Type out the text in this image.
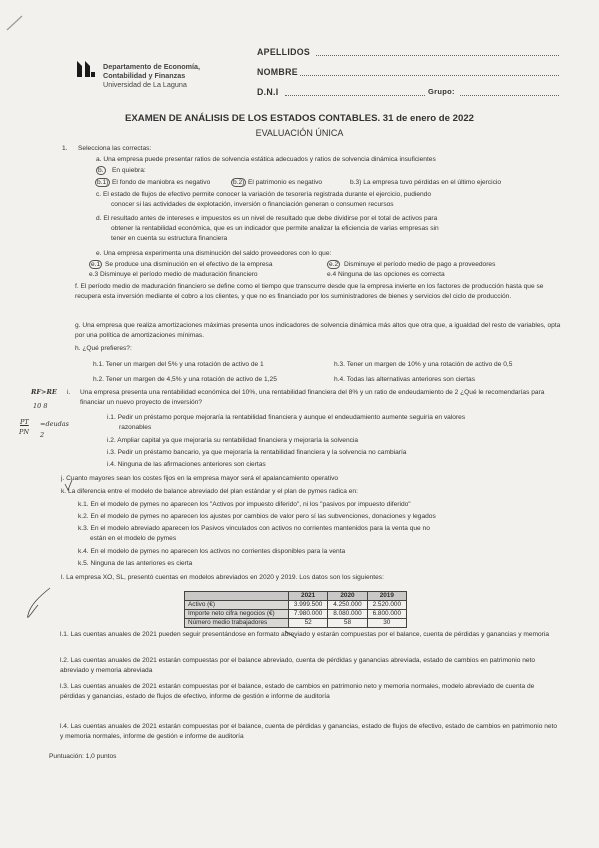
Departamento de Economía,
Contabilidad y Finanzas
Universidad de La Laguna
APELLIDOS
NOMBRE
D.N.I	Grupo:
EXAMEN DE ANÁLISIS DE LOS ESTADOS CONTABLES. 31 de enero de 2022
EVALUACIÓN ÚNICA
1. Selecciona las correctas:
a. Una empresa puede presentar ratios de solvencia estática adecuados y ratios de solvencia dinámica insuficientes
b.	En quiebra:
b.1) El fondo de maniobra es negativo	b.2) El patrimonio es negativo	b.3) La empresa tuvo pérdidas en el último ejercicio
c. El estado de flujos de efectivo permite conocer la variación de tesorería registrada durante el ejercicio, pudiendo
conocer si las actividades de explotación, inversión o financiación generan o consumen recursos
d. El resultado antes de intereses e impuestos es un nivel de resultado que debe dividirse por el total de activos para
obtener la rentabilidad económica, que es un indicador que permite analizar la eficiencia de varias empresas sin
tener en cuenta su estructura financiera
e. Una empresa experimenta una disminución del saldo proveedores con lo que:
e.1 Se produce una disminución en el efectivo de la empresa	e.2 Disminuye el período medio de pago a proveedores
e.3 Disminuye el período medio de maduración financiero	e.4 Ninguna de las opciones es correcta
f. El período medio de maduración financiero se define como el tiempo que transcurre desde que la empresa invierte en los factores de producción hasta que se recupera esta inversión mediante el cobro a los clientes, y que no es financiado por los suministradores de bienes y servicios del ciclo de producción.
g. Una empresa que realiza amortizaciones máximas presenta unos indicadores de solvencia dinámica más altos que otra que, a igualdad del resto de variables, opta por una política de amortizaciones mínimas.
h. ¿Qué prefieres?:
h.1. Tener un margen del 5% y una rotación de activo de 1	h.3. Tener un margen de 10% y una rotación de activo de 0,5
h.2. Tener un margen de 4,5% y una rotación de activo de 1,25	h.4. Todas las alternativas anteriores son ciertas
i. Una empresa presenta una rentabilidad económica del 10%, una rentabilidad financiera del 8% y un ratio de endeudamiento de 2 ¿Qué le recomendarías para financiar un nuevo proyecto de inversión?
i.1. Pedir un préstamo porque mejoraría la rentabilidad financiera y aunque el endeudamiento aumente seguiría en valores
razonables
i.2. Ampliar capital ya que mejoraría su rentabilidad financiera y mejoraría la solvencia
i.3. Pedir un préstamo bancario, ya que mejoraría la rentabilidad financiera y la solvencia no cambiaría
i.4. Ninguna de las afirmaciones anteriores son ciertas
j. Cuanto mayores sean los costes fijos en la empresa mayor será el apalancamiento operativo
k. La diferencia entre el modelo de balance abreviado del plan estándar y el plan de pymes radica en:
k.1. En el modelo de pymes no aparecen los "Activos por impuesto diferido", ni los "pasivos por impuesto diferido"
k.2. En el modelo de pymes no aparecen los ajustes por cambios de valor pero sí las subvenciones, donaciones y legados
k.3. En el modelo abreviado aparecen los Pasivos vinculados con activos no corrientes mantenidos para la venta que no
están en el modelo de pymes
k.4. En el modelo de pymes no aparecen los activos no corrientes disponibles para la venta
k.5. Ninguna de las anteriores es cierta
l. La empresa XO, SL, presentó cuentas en modelos abreviados en 2020 y 2019. Los datos son los siguientes:
	2021	2020	2019
Activo (€)	3.999.500	4.250.000	2.520.000
Importe neto cifra negocios (€)	7.980.000	8.080.000	6.800.000
Número medio trabajadores	52	58	30
l.1. Las cuentas anuales de 2021 pueden seguir presentándose en formato abreviado y estarán compuestas por el balance, cuenta de pérdidas y ganancias y memoria
l.2. Las cuentas anuales de 2021 estarán compuestas por el balance abreviado, cuenta de pérdidas y ganancias abreviada, estado de cambios en patrimonio neto abreviado y memoria abreviada
l.3. Las cuentas anuales de 2021 estarán compuestas por el balance, estado de cambios en patrimonio neto y memoria normales, modelo abreviado de cuenta de pérdidas y ganancias, estado de flujos de efectivo, informe de gestión e informe de auditoría
l.4. Las cuentas anuales de 2021 estarán compuestas por el balance, cuenta de pérdidas y ganancias, estado de flujos de efectivo, estado de cambios en patrimonio neto y memoria normales, informe de gestión e informe de auditoría
Puntuación: 1,0 puntos
RF>RE
10 8
PT
PN
=deudas
2
